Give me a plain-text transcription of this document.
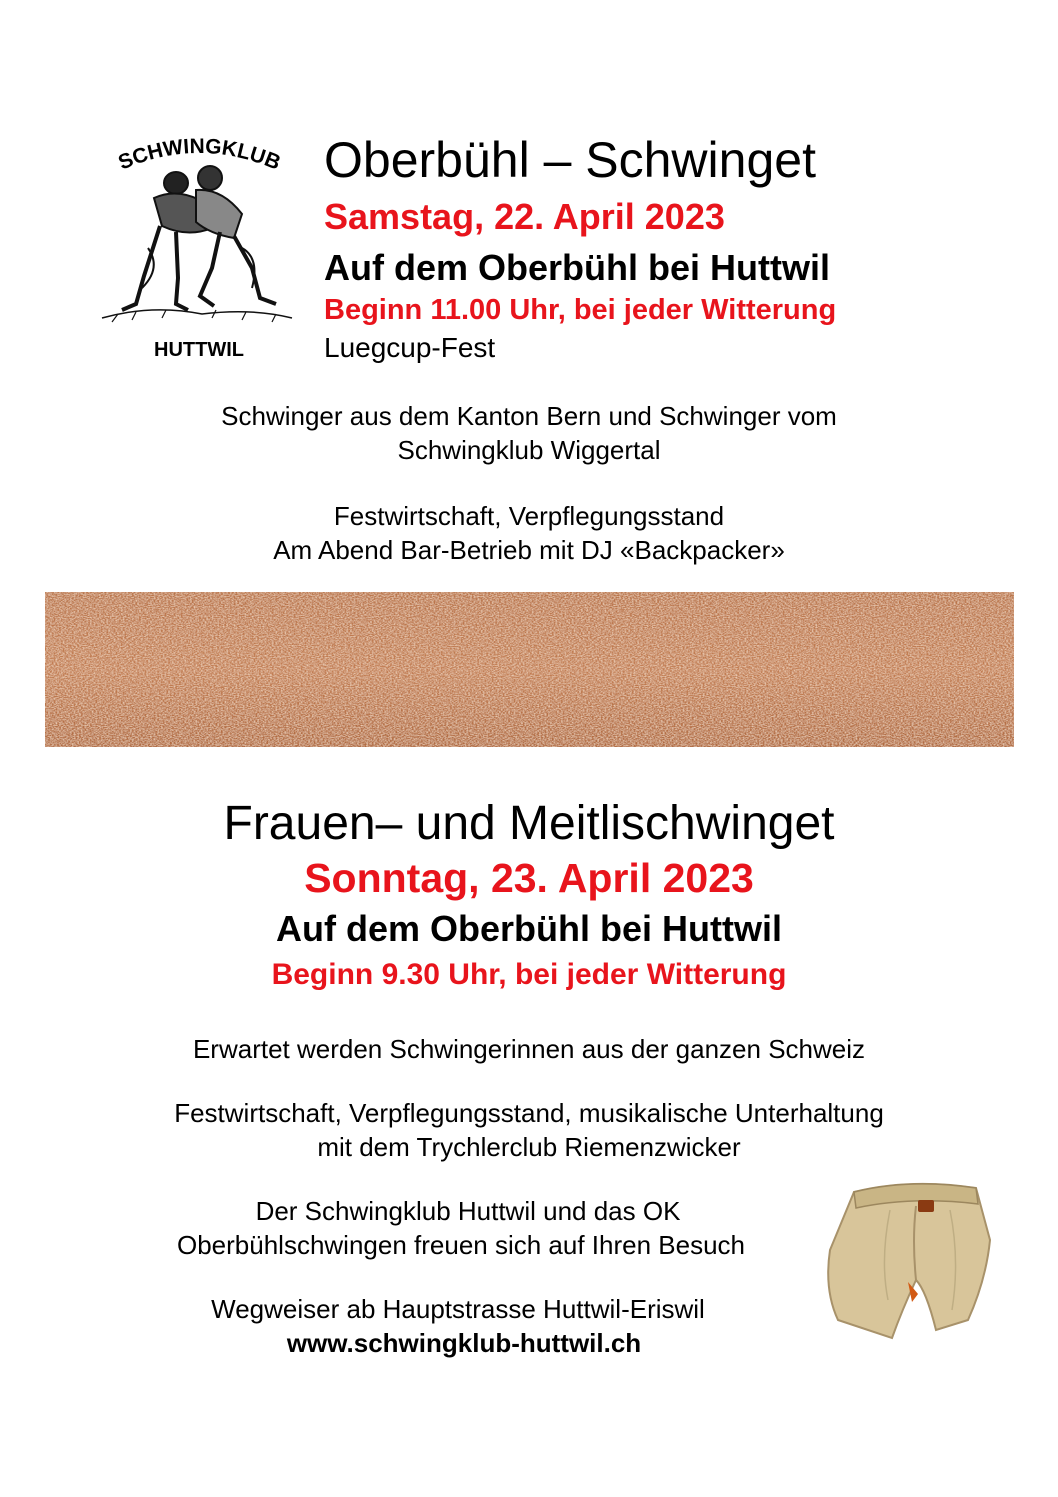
SCHWINGKLUB
HUTTWIL
Oberbühl – Schwinget
Samstag, 22. April 2023
Auf dem Oberbühl bei Huttwil
Beginn 11.00 Uhr, bei jeder Witterung
Luegcup-Fest
Schwinger aus dem Kanton Bern und Schwinger vom
Schwingklub Wiggertal
Festwirtschaft, Verpflegungsstand
Am Abend Bar-Betrieb mit DJ «Backpacker»
Frauen– und Meitlischwinget
Sonntag, 23. April 2023
Auf dem Oberbühl bei Huttwil
Beginn 9.30 Uhr, bei jeder Witterung
Erwartet werden Schwingerinnen aus der ganzen Schweiz
Festwirtschaft, Verpflegungsstand, musikalische Unterhaltung
mit dem Trychlerclub Riemenzwicker
Der Schwingklub Huttwil und das OK
Oberbühlschwingen freuen sich auf Ihren Besuch
Wegweiser ab Hauptstrasse Huttwil-Eriswil
www.schwingklub-huttwil.ch
